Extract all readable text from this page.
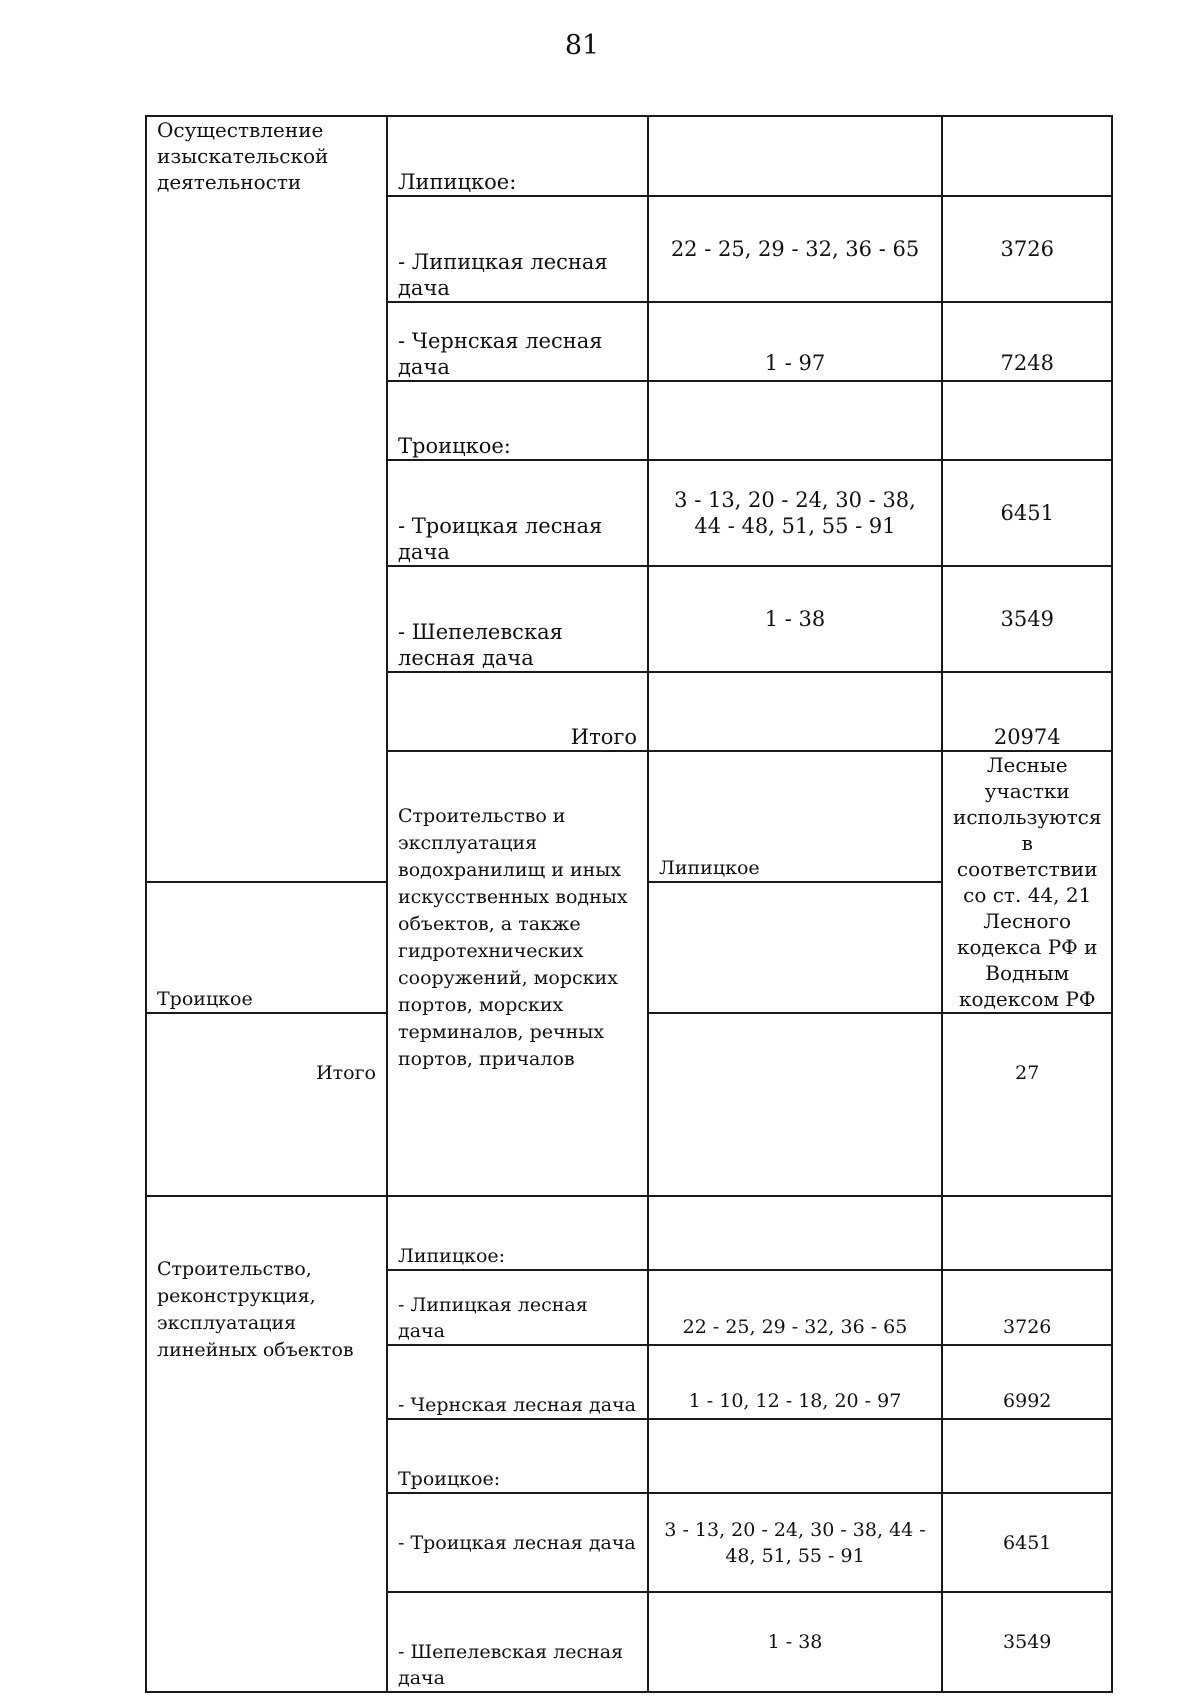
81
Осуществление изыскательской деятельности	Липицкое:		
	- Липицкая лесная дача	22 - 25, 29 - 32, 36 - 65	3726
	- Чернская лесная дача	1 - 97	7248
	Троицкое:		
	- Троицкая лесная дача	3 - 13, 20 - 24, 30 - 38, 44 - 48, 51, 55 - 91	6451
	- Шепелевская лесная дача	1 - 38	3549
	Итого		20974
	Строительство и эксплуатация водохранилищ и иных искусственных водных объектов, а также гидротехнических сооружений, морских портов, морских терминалов, речных портов, причалов	Липицкое	Лесные участки используются в соответствии со ст. 44, 21 Лесного кодекса РФ и Водным кодексом РФ
Троицкое			
Итого			27
Строительство, реконструкция, эксплуатация линейных объектов	Липицкое:		
	- Липицкая лесная дача	22 - 25, 29 - 32, 36 - 65	3726
	- Чернская лесная дача	1 - 10, 12 - 18, 20 - 97	6992
	Троицкое:		
	- Троицкая лесная дача	3 - 13, 20 - 24, 30 - 38, 44 - 48, 51, 55 - 91	6451
	- Шепелевская лесная дача	1 - 38	3549
